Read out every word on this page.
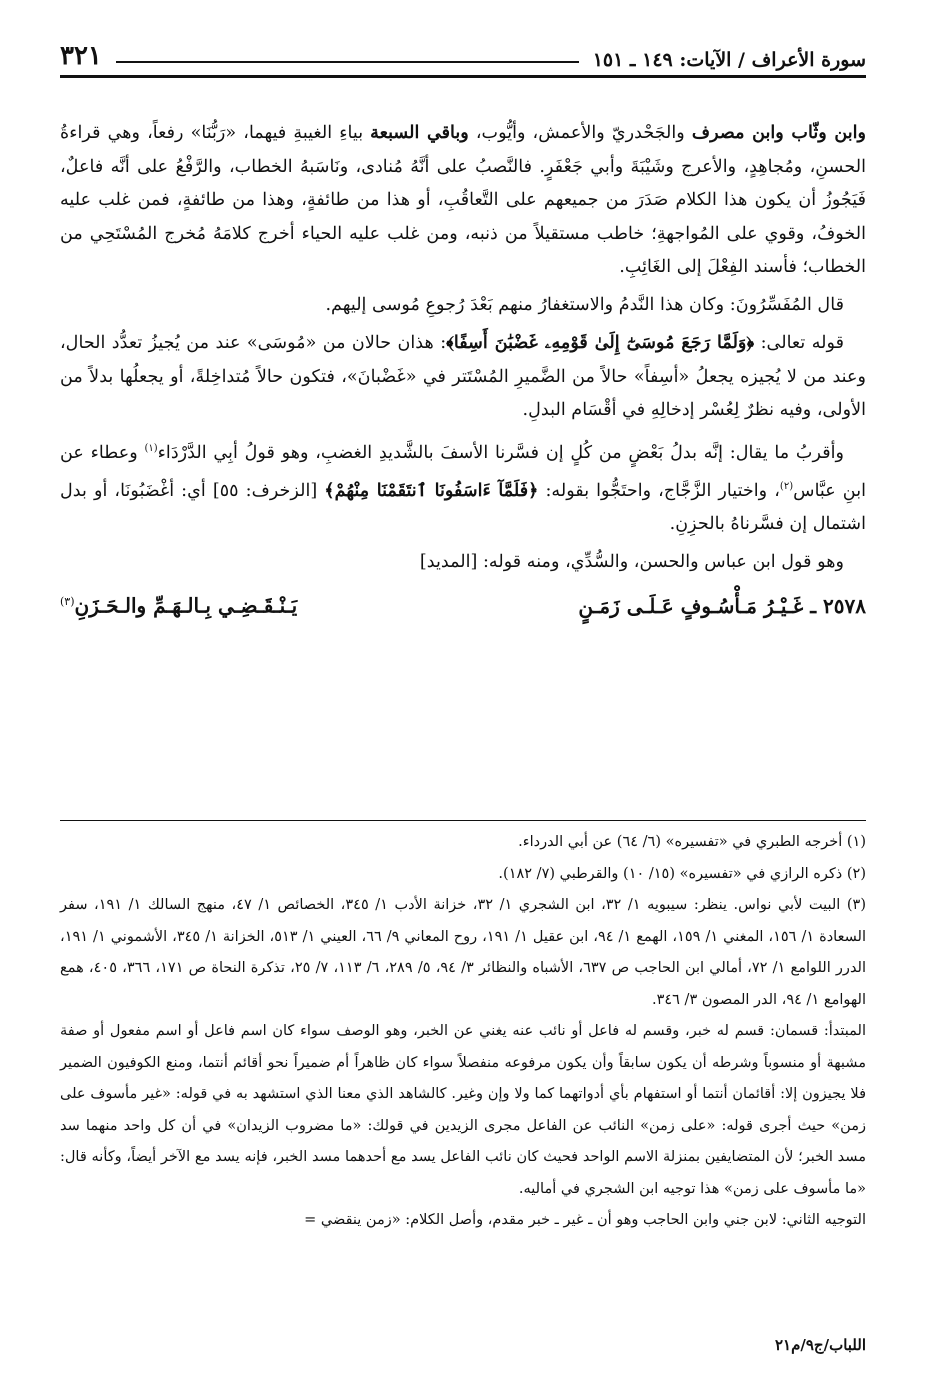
سورة الأعراف / الآيات: ١٤٩ ـ ١٥١
٣٢١

وابن وثّاب وابن مصرف والجَحْدريّ والأعمش، وأيُّوب، وباقي السبعة بياءِ الغيبةِ فيهما، «رَبُّنَا» رفعاً، وهي قراءةُ الحسنِ، ومُجاهِدٍ، والأعرج وشَيْبَةَ وأبي جَعْفَرٍ. فالنَّصبُ على أنَّهُ مُنادى، ونَاسَبهُ الخطاب، والرَّفْعُ على أنَّه فاعلٌ، فَيَجُوزُ أن يكون هذا الكلام صَدَرَ من جميعهم على التَّعاقُبِ، أو هذا من طائفةٍ، وهذا من طائفةٍ، فمن غلب عليه الخوفُ، وقوي على المُواجهةِ؛ خاطب مستقيلاً من ذنبه، ومن غلب عليه الحياء أخرج كلامَهُ مُخرج المُسْتَحِي من الخطاب؛ فأسند الفِعْلَ إلى الغَائِبِ.

قال المُفَسِّرُونَ: وكان هذا النَّدمُ والاستغفارُ منهم بَعْدَ رُجوعِ مُوسى إليهم.

قوله تعالى: ﴿وَلَمَّا رَجَعَ مُوسَىٰٓ إِلَىٰ قَوْمِهِۦ غَضْبَٰنَ أَسِفًا﴾: هذان حالان من «مُوسَى» عند من يُجيزُ تعدُّد الحال، وعند من لا يُجيزه يجعلُ «أسِفاً» حالاً من الضَّميرِ المُسْتَتر في «غَضْبانَ»، فتكون حالاً مُتداخِلةً، أو يجعلُها بدلاً من الأولى، وفيه نظرٌ لِعُسْر إدخالِهِ في أقْسَام البدلِ.

وأقربُ ما يقال: إنَّه بدلُ بَعْضٍ من كُلٍ إن فسَّرنا الأسفَ بالشَّديدِ الغضبِ، وهو قولُ أبِي الدَّرْدَاء$^{(١)}$ وعطاء عن ابنِ عبَّاس$^{(٢)}$، واختيار الزَّجَّاج، واحتَجُّوا بقوله: ﴿فَلَمَّآ ءَاسَفُونَا ٱنتَقَمْنَا مِنْهُمْ﴾ [الزخرف: ٥٥] أي: أغْضَبُونَا، أو بدل اشتمال إن فسَّرناهُ بالحزِنِ.

وهو قول ابن عباس والحسن، والسُّدِّي، ومنه قوله: [المديد]

٢٥٧٨ ـ غَـيْـرُ مَـأْسُـوفٍ عَـلَـى زَمَـنٍ
يَـنْـقَـضِـي بِـالـهَـمِّ والـحَـزَنِ$^{(٣)}$

(١) أخرجه الطبري في «تفسيره» (٦/ ٦٤) عن أبي الدرداء.

(٢) ذكره الرازي في «تفسيره» (١٥/ ١٠) والقرطبي (٧/ ١٨٢).

(٣) البيت لأبي نواس. ينظر: سيبويه ١/ ٣٢، ابن الشجري ١/ ٣٢، خزانة الأدب ١/ ٣٤٥، الخصائص ١/ ٤٧، منهج السالك ١/ ١٩١، سفر السعادة ١/ ١٥٦، المغني ١/ ١٥٩، الهمع ١/ ٩٤، ابن عقيل ١/ ١٩١، روح المعاني ٩/ ٦٦، العيني ١/ ٥١٣، الخزانة ١/ ٣٤٥، الأشموني ١/ ١٩١، الدرر اللوامع ١/ ٧٢، أمالي ابن الحاجب ص ٦٣٧، الأشباه والنظائر ٣/ ٩٤، ٥/ ٢٨٩، ٦/ ١١٣، ٧/ ٢٥، تذكرة النحاة ص ١٧١، ٣٦٦، ٤٠٥، همع الهوامع ١/ ٩٤، الدر المصون ٣/ ٣٤٦.

المبتدأ: قسمان: قسم له خبر، وقسم له فاعل أو نائب عنه يغني عن الخبر، وهو الوصف سواء كان اسم فاعل أو اسم مفعول أو صفة مشبهة أو منسوباً وشرطه أن يكون سابقاً وأن يكون مرفوعه منفصلاً سواء كان ظاهراً أم ضميراً نحو أقائم أنتما، ومنع الكوفيون الضمير فلا يجيزون إلا: أقائمان أنتما أو استفهام بأي أدواتهما كما ولا وإن وغير. كالشاهد الذي معنا الذي استشهد به في قوله: «غير مأسوف على زمن» حيث أجرى قوله: «على زمن» النائب عن الفاعل مجرى الزيدين في قولك: «ما مضروب الزيدان» في أن كل واحد منهما سد مسد الخبر؛ لأن المتضايفين بمنزلة الاسم الواحد فحيث كان نائب الفاعل يسد مع أحدهما مسد الخبر، فإنه يسد مع الآخر أيضاً، وكأنه قال: «ما مأسوف على زمن» هذا توجيه ابن الشجري في أماليه.

التوجيه الثاني: لابن جني وابن الحاجب وهو أن ـ غير ـ خبر مقدم، وأصل الكلام: «زمن ينقضي =

اللباب/ج٩/م٢١
